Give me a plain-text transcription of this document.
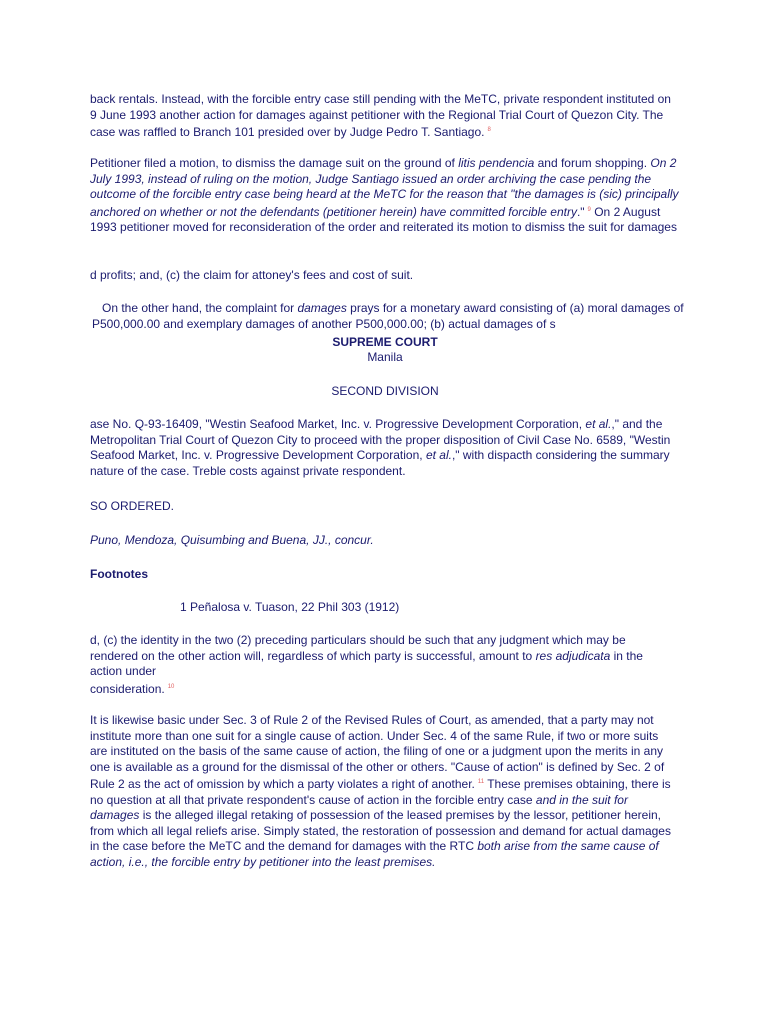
back rentals. Instead, with the forcible entry case still pending with the MeTC, private respondent instituted on 9 June 1993 another action for damages against petitioner with the Regional Trial Court of Quezon City. The case was raffled to Branch 101 presided over by Judge Pedro T. Santiago. $^8$

Petitioner filed a motion, to dismiss the damage suit on the ground of litis pendencia and forum shopping. On 2 July 1993, instead of ruling on the motion, Judge Santiago issued an order archiving the case pending the outcome of the forcible entry case being heard at the MeTC for the reason that "the damages is (sic) principally anchored on whether or not the defendants (petitioner herein) have committed forcible entry." $^9$ On 2 August 1993 petitioner moved for reconsideration of the order and reiterated its motion to dismiss the suit for damages

d profits; and, (c) the claim for attoney's fees and cost of suit.

On the other hand, the complaint for damages prays for a monetary award consisting of (a) moral damages of P500,000.00 and exemplary damages of another P500,000.00; (b) actual damages of s

SUPREME COURT
Manila
SECOND DIVISION

ase No. Q-93-16409, "Westin Seafood Market, Inc. v. Progressive Development Corporation, et al.," and the Metropolitan Trial Court of Quezon City to proceed with the proper disposition of Civil Case No. 6589, "Westin Seafood Market, Inc. v. Progressive Development Corporation, et al.," with dispacth considering the summary nature of the case. Treble costs against private respondent.

SO ORDERED.
Puno, Mendoza, Quisumbing and Buena, JJ., concur.
Footnotes
1 Peñalosa v. Tuason, 22 Phil 303 (1912)

d, (c) the identity in the two (2) preceding particulars should be such that any judgment which may be rendered on the other action will, regardless of which party is successful, amount to res adjudicata in the action under
consideration. $^{10}$

It is likewise basic under Sec. 3 of Rule 2 of the Revised Rules of Court, as amended, that a party may not institute more than one suit for a single cause of action. Under Sec. 4 of the same Rule, if two or more suits are instituted on the basis of the same cause of action, the filing of one or a judgment upon the merits in any one is available as a ground for the dismissal of the other or others. "Cause of action" is defined by Sec. 2 of Rule 2 as the act of omission by which a party violates a right of another. $^{11}$ These premises obtaining, there is no question at all that private respondent's cause of action in the forcible entry case and in the suit for damages is the alleged illegal retaking of possession of the leased premises by the lessor, petitioner herein, from which all legal reliefs arise. Simply stated, the restoration of possession and demand for actual damages in the case before the MeTC and the demand for damages with the RTC both arise from the same cause of action, i.e., the forcible entry by petitioner into the least premises.
